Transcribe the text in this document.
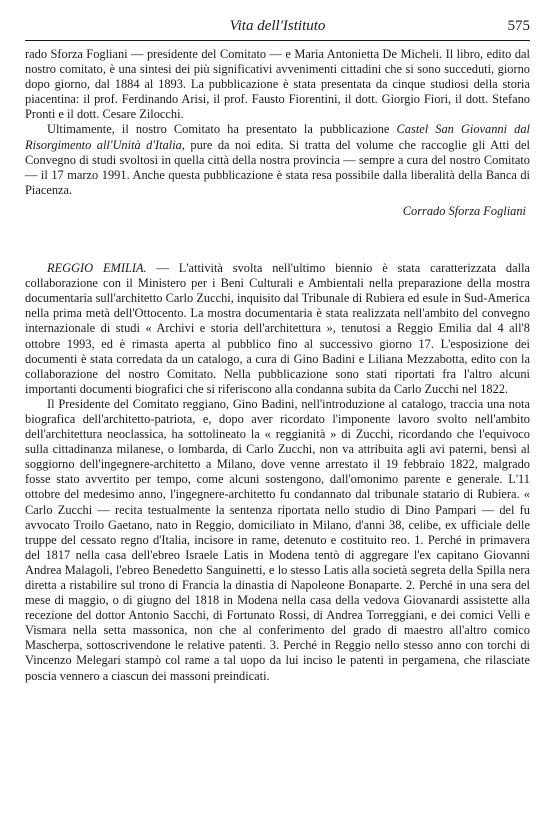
Vita dell'Istituto	575

rado Sforza Fogliani — presidente del Comitato — e Maria Antonietta De Micheli. Il libro, edito dal nostro comitato, è una sintesi dei più significativi avvenimenti cittadini che si sono succeduti, giorno dopo giorno, dal 1884 al 1893. La pubblicazione è stata presentata da cinque studiosi della storia piacentina: il prof. Ferdinando Arisi, il prof. Fausto Fiorentini, il dott. Giorgio Fiori, il dott. Stefano Pronti e il dott. Cesare Zilocchi.

Ultimamente, il nostro Comitato ha presentato la pubblicazione Castel San Giovanni dal Risorgimento all'Unità d'Italia, pure da noi edita. Si tratta del volume che raccoglie gli Atti del Convegno di studi svoltosi in quella città della nostra provincia — sempre a cura del nostro Comitato — il 17 marzo 1991. Anche questa pubblicazione è stata resa possibile dalla liberalità della Banca di Piacenza.

Corrado Sforza Fogliani

REGGIO EMILIA. — L'attività svolta nell'ultimo biennio è stata caratterizzata dalla collaborazione con il Ministero per i Beni Culturali e Ambientali nella preparazione della mostra documentaria sull'architetto Carlo Zucchi, inquisito dal Tribunale di Rubiera ed esule in Sud-America nella prima metà dell'Ottocento. La mostra documentaria è stata realizzata nell'ambito del convegno internazionale di studi « Archivi e storia dell'architettura », tenutosi a Reggio Emilia dal 4 all'8 ottobre 1993, ed è rimasta aperta al pubblico fino al successivo giorno 17. L'esposizione dei documenti è stata corredata da un catalogo, a cura di Gino Badini e Liliana Mezzabotta, edito con la collaborazione del nostro Comitato. Nella pubblicazione sono stati riportati fra l'altro alcuni importanti documenti biografici che si riferiscono alla condanna subita da Carlo Zucchi nel 1822.

Il Presidente del Comitato reggiano, Gino Badini, nell'introduzione al catalogo, traccia una nota biografica dell'architetto-patriota, e, dopo aver ricordato l'imponente lavoro svolto nell'ambito dell'architettura neoclassica, ha sottolineato la « reggianità » di Zucchi, ricordando che l'equivoco sulla cittadinanza milanese, o lombarda, di Carlo Zucchi, non va attribuita agli avi paterni, bensì al soggiorno dell'ingegnere-architetto a Milano, dove venne arrestato il 19 febbraio 1822, malgrado fosse stato avvertito per tempo, come alcuni sostengono, dall'omonimo parente e generale. L'11 ottobre del medesimo anno, l'ingegnere-architetto fu condannato dal tribunale statario di Rubiera. « Carlo Zucchi — recita testualmente la sentenza riportata nello studio di Dino Pampari — del fu avvocato Troilo Gaetano, nato in Reggio, domiciliato in Milano, d'anni 38, celibe, ex ufficiale delle truppe del cessato regno d'Italia, incisore in rame, detenuto e costituito reo. 1. Perché in primavera del 1817 nella casa dell'ebreo Israele Latis in Modena tentò di aggregare l'ex capitano Giovanni Andrea Malagoli, l'ebreo Benedetto Sanguinetti, e lo stesso Latis alla società segreta della Spilla nera diretta a ristabilire sul trono di Francia la dinastia di Napoleone Bonaparte. 2. Perché in una sera del mese di maggio, o di giugno del 1818 in Modena nella casa della vedova Giovanardi assistette alla recezione del dottor Antonio Sacchi, di Fortunato Rossi, di Andrea Torreggiani, e dei comici Velli e Vismara nella setta massonica, non che al conferimento del grado di maestro all'altro comico Mascherpa, sottoscrivendone le relative patenti. 3. Perché in Reggio nello stesso anno con torchi di Vincenzo Melegari stampò col rame a tal uopo da lui inciso le patenti in pergamena, che rilasciate poscia vennero a ciascun dei massoni preindicati.
